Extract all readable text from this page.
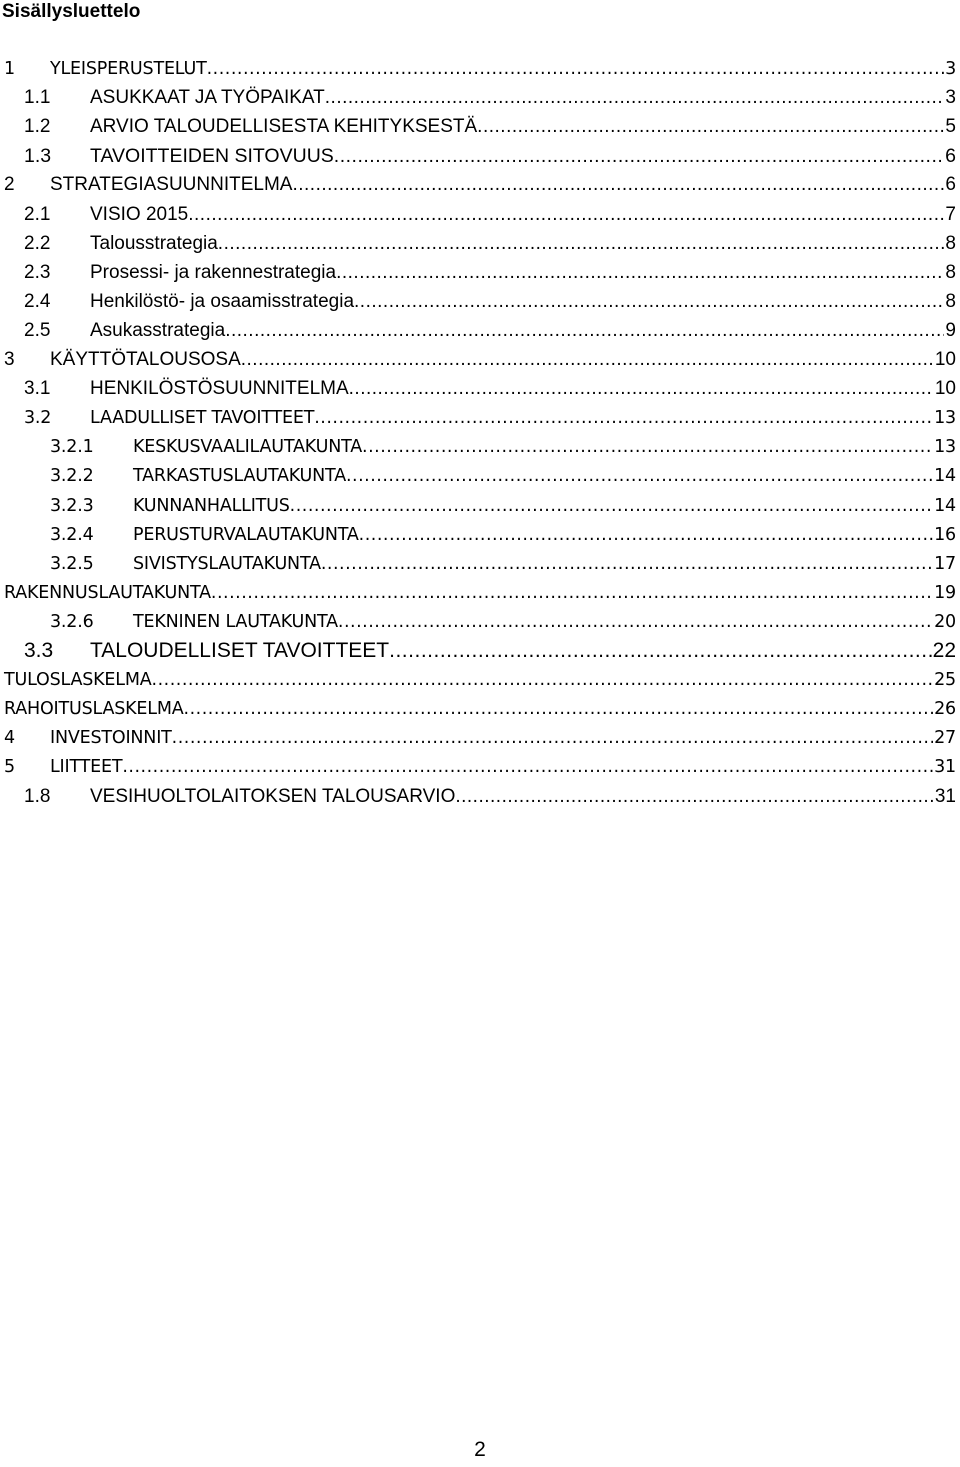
Sisällysluettelo
1 YLEISPERUSTELUT .....	3
1.1 ASUKKAAT JA TYÖPAIKAT .....	3
1.2 ARVIO TALOUDELLISESTA KEHITYKSESTÄ .....	5
1.3 TAVOITTEIDEN SITOVUUS .....	6
2 STRATEGIASUUNNITELMA .....	6
2.1 VISIO 2015 .....	7
2.2 Talousstrategia .....	8
2.3 Prosessi- ja rakennestrategia .....	8
2.4 Henkilöstö- ja osaamisstrategia .....	8
2.5 Asukasstrategia .....	9
3 KÄYTTÖTALOUSOSA .....	10
3.1 HENKILÖSTÖSUUNNITELMA .....	10
3.2 LAADULLISET TAVOITTEET .....	13
3.2.1 KESKUSVAALILAUTAKUNTA .....	13
3.2.2 TARKASTUSLAUTAKUNTA .....	14
3.2.3 KUNNANHALLITUS .....	14
3.2.4 PERUSTURVALAUTAKUNTA .....	16
3.2.5 SIVISTYSLAUTAKUNTA .....	17
RAKENNUSLAUTAKUNTA .....	19
3.2.6 TEKNINEN LAUTAKUNTA .....	20
3.3 TALOUDELLISET TAVOITTEET .....	22
TULOSLASKELMA .....	25
RAHOITUSLASKELMA .....	26
4 INVESTOINNIT .....	27
5 LIITTEET .....	31
1.8 VESIHUOLTOLAITOKSEN TALOUSARVIO .....	31
2
